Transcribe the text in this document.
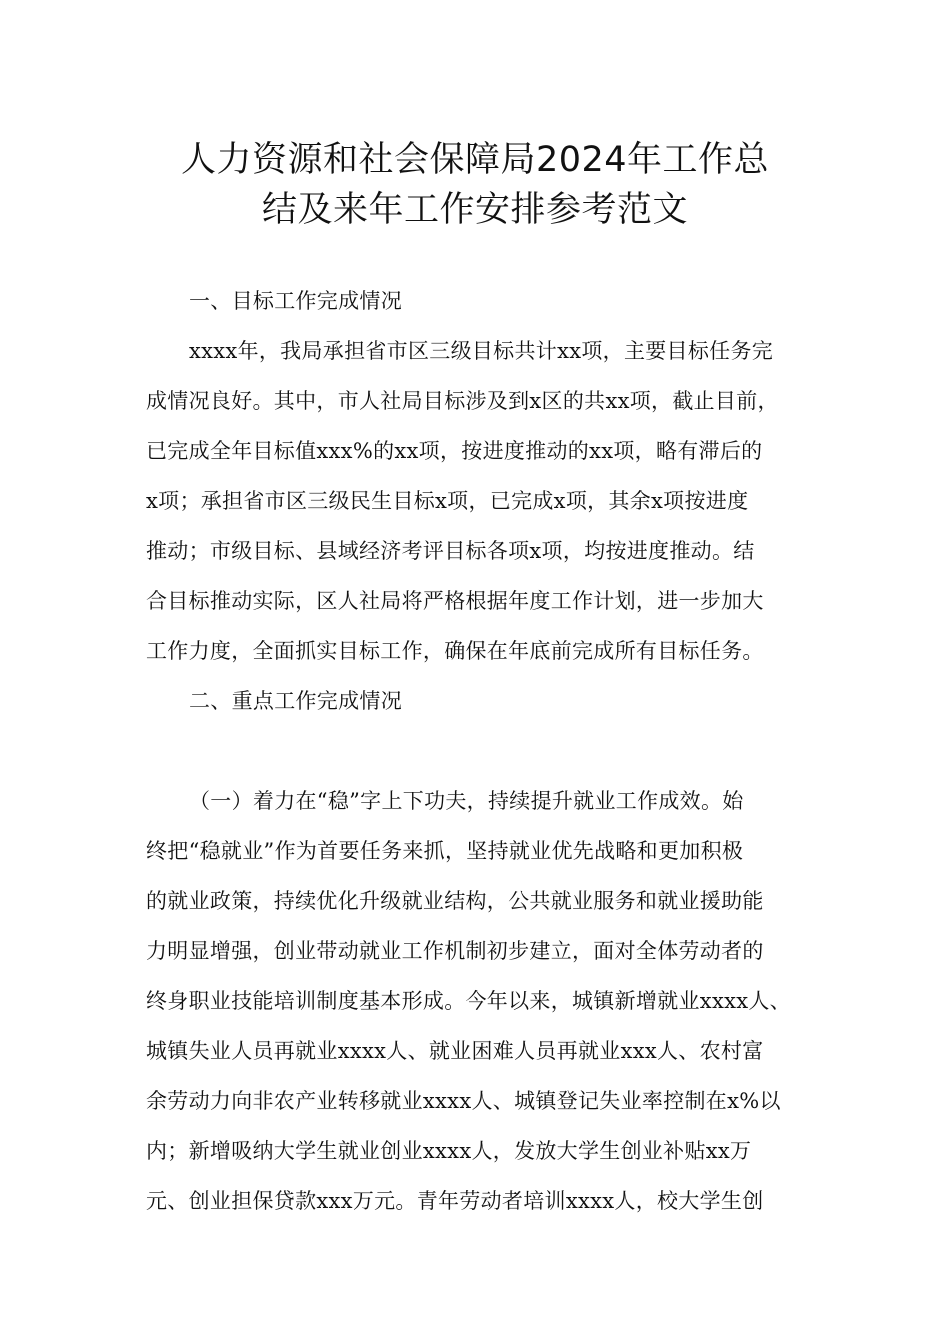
人力资源和社会保障局2024年工作总
结及来年工作安排参考范文
一、目标工作完成情况
xxxx年，我局承担省市区三级目标共计xx项，主要目标任务完
成情况良好。其中，市人社局目标涉及到x区的共xx项，截止目前，
已完成全年目标值xxx%的xx项，按进度推动的xx项，略有滞后的
x项；承担省市区三级民生目标x项，已完成x项，其余x项按进度
推动；市级目标、县域经济考评目标各项x项，均按进度推动。结
合目标推动实际，区人社局将严格根据年度工作计划，进一步加大
工作力度，全面抓实目标工作，确保在年底前完成所有目标任务。
二、重点工作完成情况
（一）着力在“稳”字上下功夫，持续提升就业工作成效。始
终把“稳就业”作为首要任务来抓，坚持就业优先战略和更加积极
的就业政策，持续优化升级就业结构，公共就业服务和就业援助能
力明显增强，创业带动就业工作机制初步建立，面对全体劳动者的
终身职业技能培训制度基本形成。今年以来，城镇新增就业xxxx人、
城镇失业人员再就业xxxx人、就业困难人员再就业xxx人、农村富
余劳动力向非农产业转移就业xxxx人、城镇登记失业率控制在x%以
内；新增吸纳大学生就业创业xxxx人，发放大学生创业补贴xx万
元、创业担保贷款xxx万元。青年劳动者培训xxxx人，校大学生创
